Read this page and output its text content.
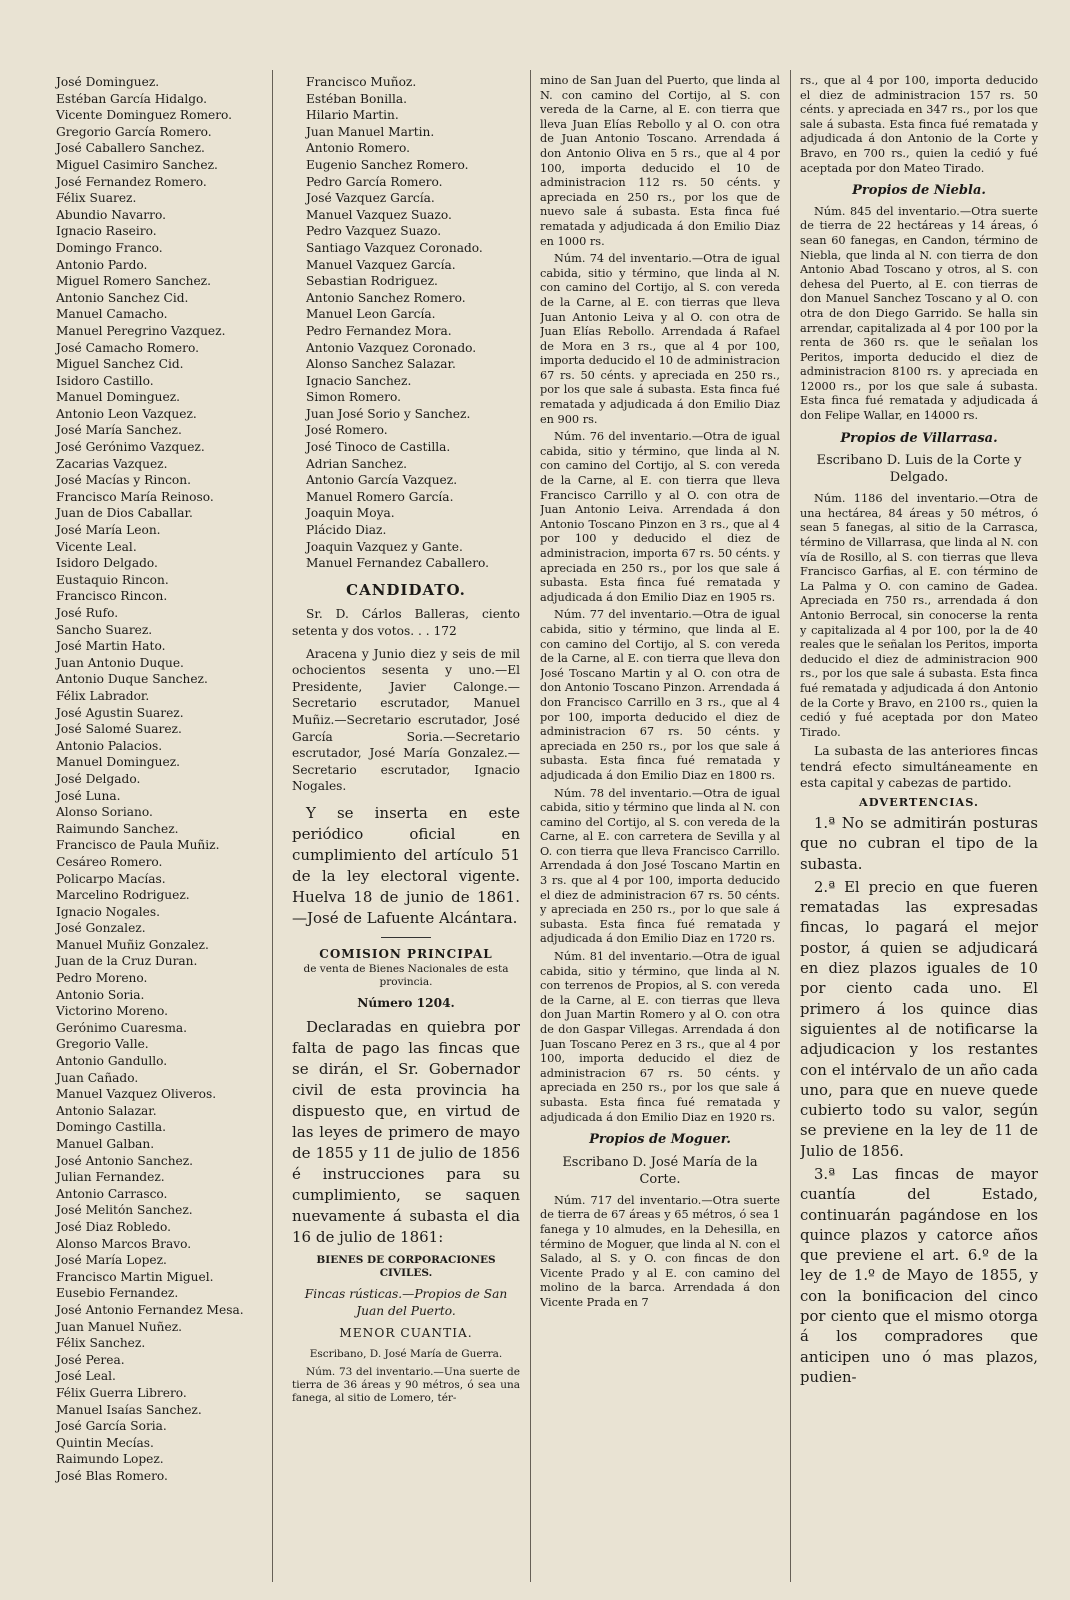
José Dominguez.
Estéban García Hidalgo.
Vicente Dominguez Romero.
Gregorio García Romero.
José Caballero Sanchez.
Miguel Casimiro Sanchez.
José Fernandez Romero.
Félix Suarez.
Abundio Navarro.
Ignacio Raseiro.
Domingo Franco.
Antonio Pardo.
Miguel Romero Sanchez.
Antonio Sanchez Cid.
Manuel Camacho.
Manuel Peregrino Vazquez.
José Camacho Romero.
Miguel Sanchez Cid.
Isidoro Castillo.
Manuel Dominguez.
Antonio Leon Vazquez.
José María Sanchez.
José Gerónimo Vazquez.
Zacarias Vazquez.
José Macías y Rincon.
Francisco María Reinoso.
Juan de Dios Caballar.
José María Leon.
Vicente Leal.
Isidoro Delgado.
Eustaquio Rincon.
Francisco Rincon.
José Rufo.
Sancho Suarez.
José Martin Hato.
Juan Antonio Duque.
Antonio Duque Sanchez.
Félix Labrador.
José Agustin Suarez.
José Salomé Suarez.
Antonio Palacios.
Manuel Dominguez.
José Delgado.
José Luna.
Alonso Soriano.
Raimundo Sanchez.
Francisco de Paula Muñiz.
Cesáreo Romero.
Policarpo Macías.
Marcelino Rodriguez.
Ignacio Nogales.
José Gonzalez.
Manuel Muñiz Gonzalez.
Juan de la Cruz Duran.
Pedro Moreno.
Antonio Soria.
Victorino Moreno.
Gerónimo Cuaresma.
Gregorio Valle.
Antonio Gandullo.
Juan Cañado.
Manuel Vazquez Oliveros.
Antonio Salazar.
Domingo Castilla.
Manuel Galban.
José Antonio Sanchez.
Julian Fernandez.
Antonio Carrasco.
José Melitón Sanchez.
José Diaz Robledo.
Alonso Marcos Bravo.
José María Lopez.
Francisco Martin Miguel.
Eusebio Fernandez.
José Antonio Fernandez Mesa.
Juan Manuel Nuñez.
Félix Sanchez.
José Perea.
José Leal.
Félix Guerra Librero.
Manuel Isaías Sanchez.
José García Soria.
Quintin Mecías.
Raimundo Lopez.
José Blas Romero.
Francisco Muñoz.
Estéban Bonilla.
Hilario Martin.
Juan Manuel Martin.
Antonio Romero.
Eugenio Sanchez Romero.
Pedro García Romero.
José Vazquez García.
Manuel Vazquez Suazo.
Pedro Vazquez Suazo.
Santiago Vazquez Coronado.
Manuel Vazquez García.
Sebastian Rodriguez.
Antonio Sanchez Romero.
Manuel Leon García.
Pedro Fernandez Mora.
Antonio Vazquez Coronado.
Alonso Sanchez Salazar.
Ignacio Sanchez.
Simon Romero.
Juan José Sorio y Sanchez.
José Romero.
José Tinoco de Castilla.
Adrian Sanchez.
Antonio García Vazquez.
Manuel Romero García.
Joaquin Moya.
Plácido Diaz.
Joaquin Vazquez y Gante.
Manuel Fernandez Caballero.
CANDIDATO.

Sr. D. Cárlos Balleras, ciento setenta y dos votos. . . 172

Aracena y Junio diez y seis de mil ochocientos sesenta y uno.—El Presidente, Javier Calonge.—Secretario escrutador, Manuel Muñiz.—Secretario escrutador, José García Soria.—Secretario escrutador, José María Gonzalez.—Secretario escrutador, Ignacio Nogales.

Y se inserta en este periódico oficial en cumplimiento del artículo 51 de la ley electoral vigente. Huelva 18 de junio de 1861.—José de Lafuente Alcántara.

COMISION PRINCIPAL
de venta de Bienes Nacionales de esta provincia.
Número 1204.

Declaradas en quiebra por falta de pago las fincas que se dirán, el Sr. Gobernador civil de esta provincia ha dispuesto que, en virtud de las leyes de primero de mayo de 1855 y 11 de julio de 1856 é instrucciones para su cumplimiento, se saquen nuevamente á subasta el dia 16 de julio de 1861:

BIENES DE CORPORACIONES CIVILES.
Fincas rústicas.—Propios de San Juan del Puerto.
MENOR CUANTIA.
Escribano, D. José María de Guerra.

Núm. 73 del inventario.—Una suerte de tierra de 36 áreas y 90 métros, ó sea una fanega, al sitio de Lomero, tér-

mino de San Juan del Puerto, que linda al N. con camino del Cortijo, al S. con vereda de la Carne, al E. con tierra que lleva Juan Elías Rebollo y al O. con otra de Juan Antonio Toscano. Arrendada á don Antonio Oliva en 5 rs., que al 4 por 100, importa deducido el 10 de administracion 112 rs. 50 cénts. y apreciada en 250 rs., por los que de nuevo sale á subasta. Esta finca fué rematada y adjudicada á don Emilio Diaz en 1000 rs.

Núm. 74 del inventario.—Otra de igual cabida, sitio y término, que linda al N. con camino del Cortijo, al S. con vereda de la Carne, al E. con tierras que lleva Juan Antonio Leiva y al O. con otra de Juan Elías Rebollo. Arrendada á Rafael de Mora en 3 rs., que al 4 por 100, importa deducido el 10 de administracion 67 rs. 50 cénts. y apreciada en 250 rs., por los que sale á subasta. Esta finca fué rematada y adjudicada á don Emilio Diaz en 900 rs.

Núm. 76 del inventario.—Otra de igual cabida, sitio y término, que linda al N. con camino del Cortijo, al S. con vereda de la Carne, al E. con tierra que lleva Francisco Carrillo y al O. con otra de Juan Antonio Leiva. Arrendada á don Antonio Toscano Pinzon en 3 rs., que al 4 por 100 y deducido el diez de administracion, importa 67 rs. 50 cénts. y apreciada en 250 rs., por los que sale á subasta. Esta finca fué rematada y adjudicada á don Emilio Diaz en 1905 rs.

Núm. 77 del inventario.—Otra de igual cabida, sitio y término, que linda al E. con camino del Cortijo, al S. con vereda de la Carne, al E. con tierra que lleva don José Toscano Martin y al O. con otra de don Antonio Toscano Pinzon. Arrendada á don Francisco Carrillo en 3 rs., que al 4 por 100, importa deducido el diez de administracion 67 rs. 50 cénts. y apreciada en 250 rs., por los que sale á subasta. Esta finca fué rematada y adjudicada á don Emilio Diaz en 1800 rs.

Núm. 78 del inventario.—Otra de igual cabida, sitio y término que linda al N. con camino del Cortijo, al S. con vereda de la Carne, al E. con carretera de Sevilla y al O. con tierra que lleva Francisco Carrillo. Arrendada á don José Toscano Martin en 3 rs. que al 4 por 100, importa deducido el diez de administracion 67 rs. 50 cénts. y apreciada en 250 rs., por lo que sale á subasta. Esta finca fué rematada y adjudicada á don Emilio Diaz en 1720 rs.

Núm. 81 del inventario.—Otra de igual cabida, sitio y término, que linda al N. con terrenos de Propios, al S. con vereda de la Carne, al E. con tierras que lleva don Juan Martin Romero y al O. con otra de don Gaspar Villegas. Arrendada á don Juan Toscano Perez en 3 rs., que al 4 por 100, importa deducido el diez de administracion 67 rs. 50 cénts. y apreciada en 250 rs., por los que sale á subasta. Esta finca fué rematada y adjudicada á don Emilio Diaz en 1920 rs.

Propios de Moguer.
Escribano D. José María de la Corte.

Núm. 717 del inventario.—Otra suerte de tierra de 67 áreas y 65 métros, ó sea 1 fanega y 10 almudes, en la Dehesilla, en término de Moguer, que linda al N. con el Salado, al S. y O. con fincas de don Vicente Prado y al E. con camino del molino de la barca. Arrendada á don Vicente Prada en 7

rs., que al 4 por 100, importa deducido el diez de administracion 157 rs. 50 cénts. y apreciada en 347 rs., por los que sale á subasta. Esta finca fué rematada y adjudicada á don Antonio de la Corte y Bravo, en 700 rs., quien la cedió y fué aceptada por don Mateo Tirado.

Propios de Niebla.

Núm. 845 del inventario.—Otra suerte de tierra de 22 hectáreas y 14 áreas, ó sean 60 fanegas, en Candon, término de Niebla, que linda al N. con tierra de don Antonio Abad Toscano y otros, al S. con dehesa del Puerto, al E. con tierras de don Manuel Sanchez Toscano y al O. con otra de don Diego Garrido. Se halla sin arrendar, capitalizada al 4 por 100 por la renta de 360 rs. que le señalan los Peritos, importa deducido el diez de administracion 8100 rs. y apreciada en 12000 rs., por los que sale á subasta. Esta finca fué rematada y adjudicada á don Felipe Wallar, en 14000 rs.

Propios de Villarrasa.
Escribano D. Luis de la Corte y Delgado.

Núm. 1186 del inventario.—Otra de una hectárea, 84 áreas y 50 métros, ó sean 5 fanegas, al sitio de la Carrasca, término de Villarrasa, que linda al N. con vía de Rosillo, al S. con tierras que lleva Francisco Garfias, al E. con término de La Palma y O. con camino de Gadea. Apreciada en 750 rs., arrendada á don Antonio Berrocal, sin conocerse la renta y capitalizada al 4 por 100, por la de 40 reales que le señalan los Peritos, importa deducido el diez de administracion 900 rs., por los que sale á subasta. Esta finca fué rematada y adjudicada á don Antonio de la Corte y Bravo, en 2100 rs., quien la cedió y fué aceptada por don Mateo Tirado.

La subasta de las anteriores fincas tendrá efecto simultáneamente en esta capital y cabezas de partido.

ADVERTENCIAS.

1.ª No se admitirán posturas que no cubran el tipo de la subasta.

2.ª El precio en que fueren rematadas las expresadas fincas, lo pagará el mejor postor, á quien se adjudicará en diez plazos iguales de 10 por ciento cada uno. El primero á los quince dias siguientes al de notificarse la adjudicacion y los restantes con el intérvalo de un año cada uno, para que en nueve quede cubierto todo su valor, según se previene en la ley de 11 de Julio de 1856.

3.ª Las fincas de mayor cuantía del Estado, continuarán pagándose en los quince plazos y catorce años que previene el art. 6.º de la ley de 1.º de Mayo de 1855, y con la bonificacion del cinco por ciento que el mismo otorga á los compradores que anticipen uno ó mas plazos, pudien-
